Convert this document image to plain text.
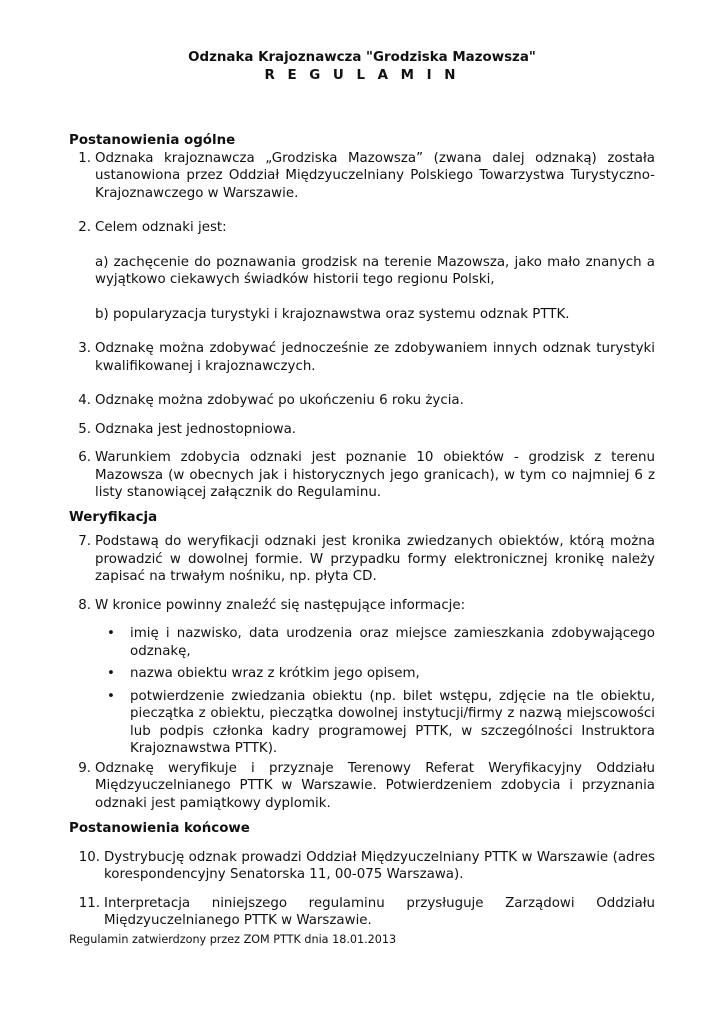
Odznaka Krajoznawcza "Grodziska Mazowsza"
R E G U L A M I N

Postanowienia ogólne

1. Odznaka krajoznawcza „Grodziska Mazowsza” (zwana dalej odznaką) została ustanowiona przez Oddział Międzyuczelniany Polskiego Towarzystwa Turystyczno-Krajoznawczego w Warszawie.
2. Celem odznaki jest:

a) zachęcenie do poznawania grodzisk na terenie Mazowsza, jako mało znanych a wyjątkowo ciekawych świadków historii tego regionu Polski,

b) popularyzacja turystyki i krajoznawstwa oraz systemu odznak PTTK.

3. Odznakę można zdobywać jednocześnie ze zdobywaniem innych odznak turystyki kwalifikowanej i krajoznawczych.
4. Odznakę można zdobywać po ukończeniu 6 roku życia.
5. Odznaka jest jednostopniowa.
6. Warunkiem zdobycia odznaki jest poznanie 10 obiektów - grodzisk z terenu Mazowsza (w obecnych jak i historycznych jego granicach), w tym co najmniej 6 z listy stanowiącej załącznik do Regulaminu.

Weryfikacja

7. Podstawą do weryfikacji odznaki jest kronika zwiedzanych obiektów, którą można prowadzić w dowolnej formie. W przypadku formy elektronicznej kronikę należy zapisać na trwałym nośniku, np. płyta CD.
8. W kronice powinny znaleźć się następujące informacje:
• imię i nazwisko, data urodzenia oraz miejsce zamieszkania zdobywającego odznakę,
• nazwa obiektu wraz z krótkim jego opisem,
• potwierdzenie zwiedzania obiektu (np. bilet wstępu, zdjęcie na tle obiektu, pieczątka z obiektu, pieczątka dowolnej instytucji/firmy z nazwą miejscowości lub podpis członka kadry programowej PTTK, w szczególności Instruktora Krajoznawstwa PTTK).
9. Odznakę weryfikuje i przyznaje Terenowy Referat Weryfikacyjny Oddziału Międzyuczelnianego PTTK w Warszawie. Potwierdzeniem zdobycia i przyznania odznaki jest pamiątkowy dyplomik.

Postanowienia końcowe

10. Dystrybucję odznak prowadzi Oddział Międzyuczelniany PTTK w Warszawie (adres korespondencyjny Senatorska 11, 00-075 Warszawa).
11. Interpretacja niniejszego regulaminu przysługuje Zarządowi Oddziału Międzyuczelnianego PTTK w Warszawie.
Regulamin zatwierdzony przez ZOM PTTK dnia 18.01.2013
